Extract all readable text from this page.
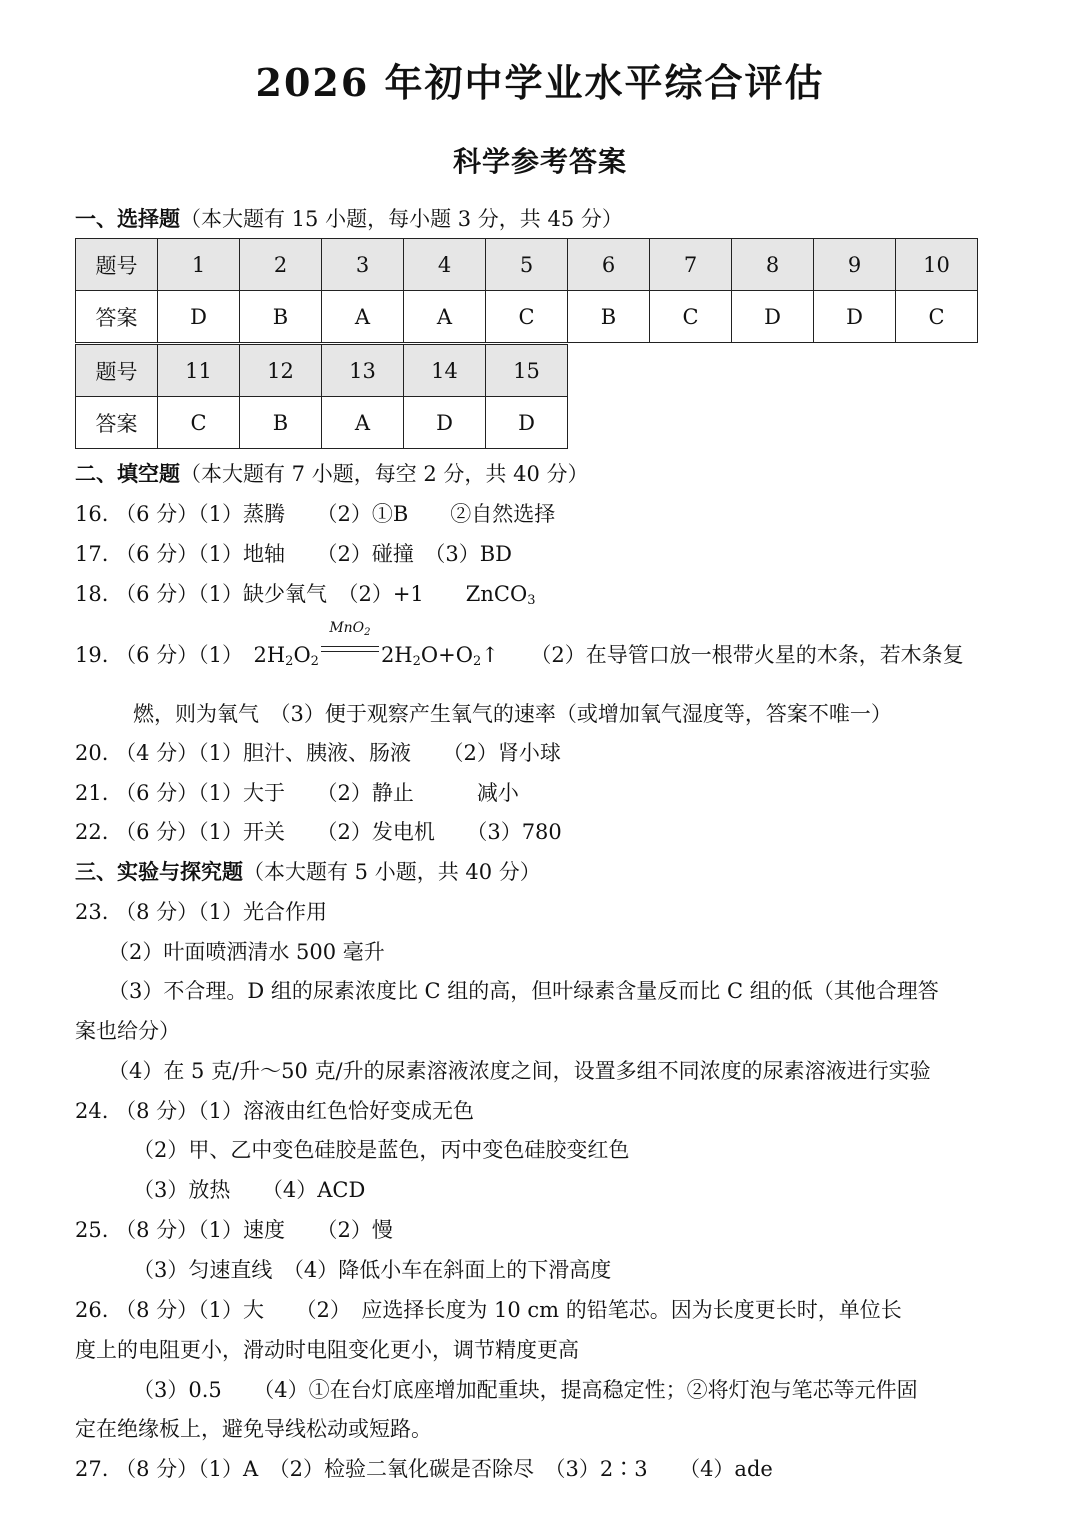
2026 年初中学业水平综合评估
科学参考答案
一、选择题（本大题有 15 小题，每小题 3 分，共 45 分）
题号	1	2	3	4	5	6	7	8	9	10
答案	D	B	A	A	C	B	C	D	D	C
题号	11	12	13	14	15
答案	C	B	A	D	D
二、填空题（本大题有 7 小题，每空 2 分，共 40 分）
16. （6 分）（1）蒸腾　　（2）①B　　②自然选择
17. （6 分）（1）地轴　　（2）碰撞　（3）BD
18. （6 分）（1）缺少氧气　（2）+1　　ZnCO$_3$
19. （6 分）（1）　$2H_2O_2$
MnO$_2$
$2H_2O+O_2↑$　　 （2）在导管口放一根带火星的木条，若木条复
燃，则为氧气　（3）便于观察产生氧气的速率（或增加氧气湿度等，答案不唯一）
20. （4 分）（1）胆汁、胰液、肠液　　（2）肾小球
21. （6 分）（1）大于　　（2）静止　　　减小
22. （6 分）（1）开关　　（2）发电机　　（3）780
三、实验与探究题（本大题有 5 小题，共 40 分）
23. （8 分）（1）光合作用
（2）叶面喷洒清水 500 毫升
（3）不合理。D 组的尿素浓度比 C 组的高，但叶绿素含量反而比 C 组的低（其他合理答
案也给分）
（4）在 5 克/升～50 克/升的尿素溶液浓度之间，设置多组不同浓度的尿素溶液进行实验
24. （8 分）（1）溶液由红色恰好变成无色
（2）甲、乙中变色硅胶是蓝色，丙中变色硅胶变红色
（3）放热　　（4）ACD
25. （8 分）（1）速度　　（2）慢
（3）匀速直线　（4）降低小车在斜面上的下滑高度
26. （8 分）（1）大　　（2）　应选择长度为 10 cm 的铅笔芯。因为长度更长时，单位长
度上的电阻更小，滑动时电阻变化更小，调节精度更高
（3）0.5　　（4）①在台灯底座增加配重块，提高稳定性；②将灯泡与笔芯等元件固
定在绝缘板上，避免导线松动或短路。
27. （8 分）（1）A　（2）检验二氧化碳是否除尽　（3）2∶3　　（4）ade
